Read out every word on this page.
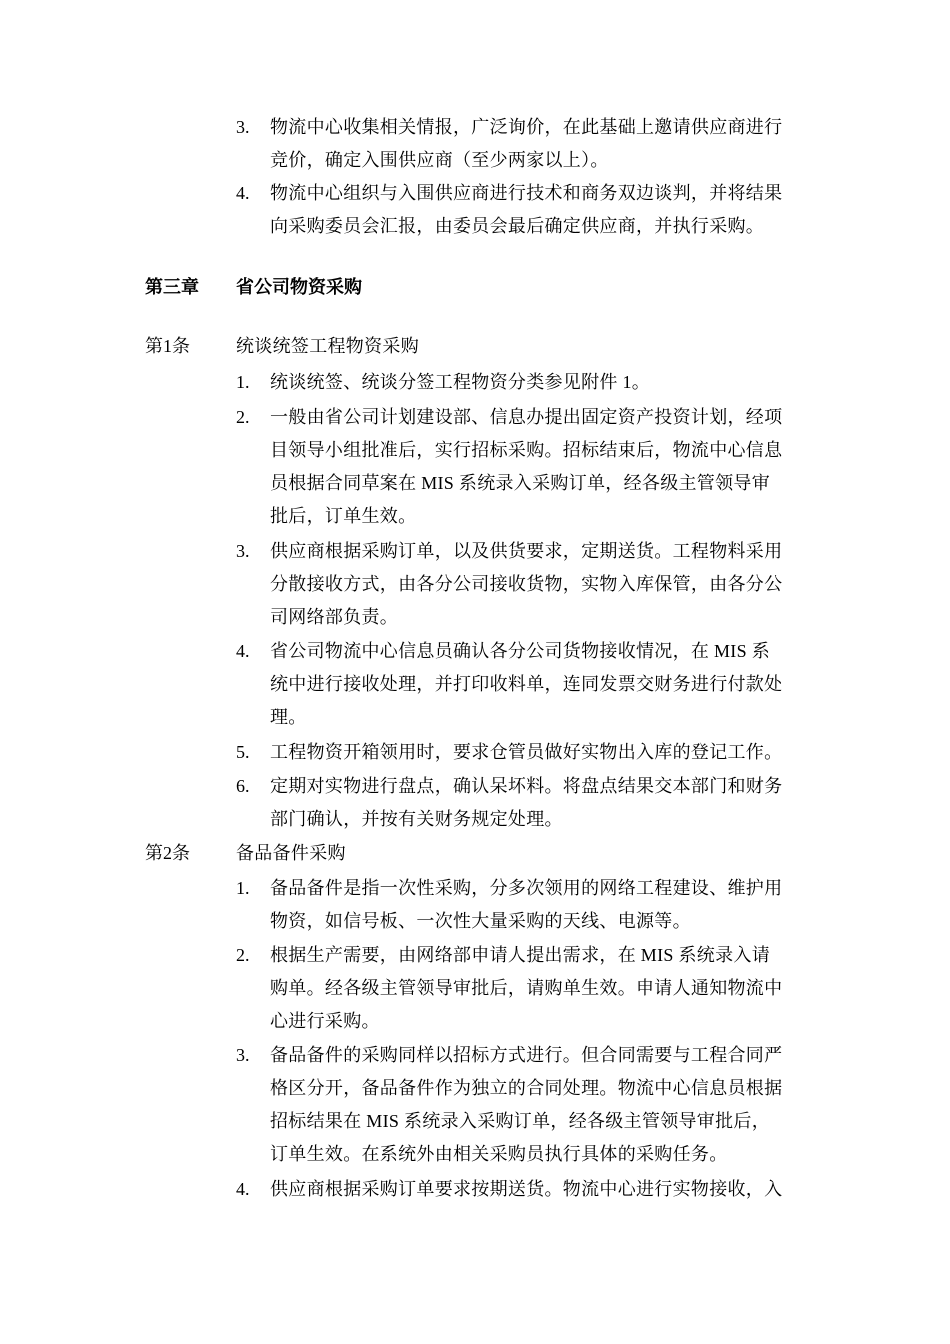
3. 物流中心收集相关情报，广泛询价，在此基础上邀请供应商进行
竞价，确定入围供应商（至少两家以上）。
4. 物流中心组织与入围供应商进行技术和商务双边谈判，并将结果
向采购委员会汇报，由委员会最后确定供应商，并执行采购。
第三章 省公司物资采购
第1条	统谈统签工程物资采购
1. 统谈统签、统谈分签工程物资分类参见附件 1。
2. 一般由省公司计划建设部、信息办提出固定资产投资计划，经项
目领导小组批准后，实行招标采购。招标结束后，物流中心信息
员根据合同草案在 MIS 系统录入采购订单，经各级主管领导审
批后，订单生效。
3. 供应商根据采购订单，以及供货要求，定期送货。工程物料采用
分散接收方式，由各分公司接收货物，实物入库保管，由各分公
司网络部负责。
4. 省公司物流中心信息员确认各分公司货物接收情况，在 MIS 系
统中进行接收处理，并打印收料单，连同发票交财务进行付款处
理。
5. 工程物资开箱领用时，要求仓管员做好实物出入库的登记工作。
6. 定期对实物进行盘点，确认呆坏料。将盘点结果交本部门和财务
部门确认，并按有关财务规定处理。
第2条	备品备件采购
1. 备品备件是指一次性采购，分多次领用的网络工程建设、维护用
物资，如信号板、一次性大量采购的天线、电源等。
2. 根据生产需要，由网络部申请人提出需求，在 MIS 系统录入请
购单。经各级主管领导审批后，请购单生效。申请人通知物流中
心进行采购。
3. 备品备件的采购同样以招标方式进行。但合同需要与工程合同严
格区分开，备品备件作为独立的合同处理。物流中心信息员根据
招标结果在 MIS 系统录入采购订单，经各级主管领导审批后，
订单生效。在系统外由相关采购员执行具体的采购任务。
4. 供应商根据采购订单要求按期送货。物流中心进行实物接收，入
